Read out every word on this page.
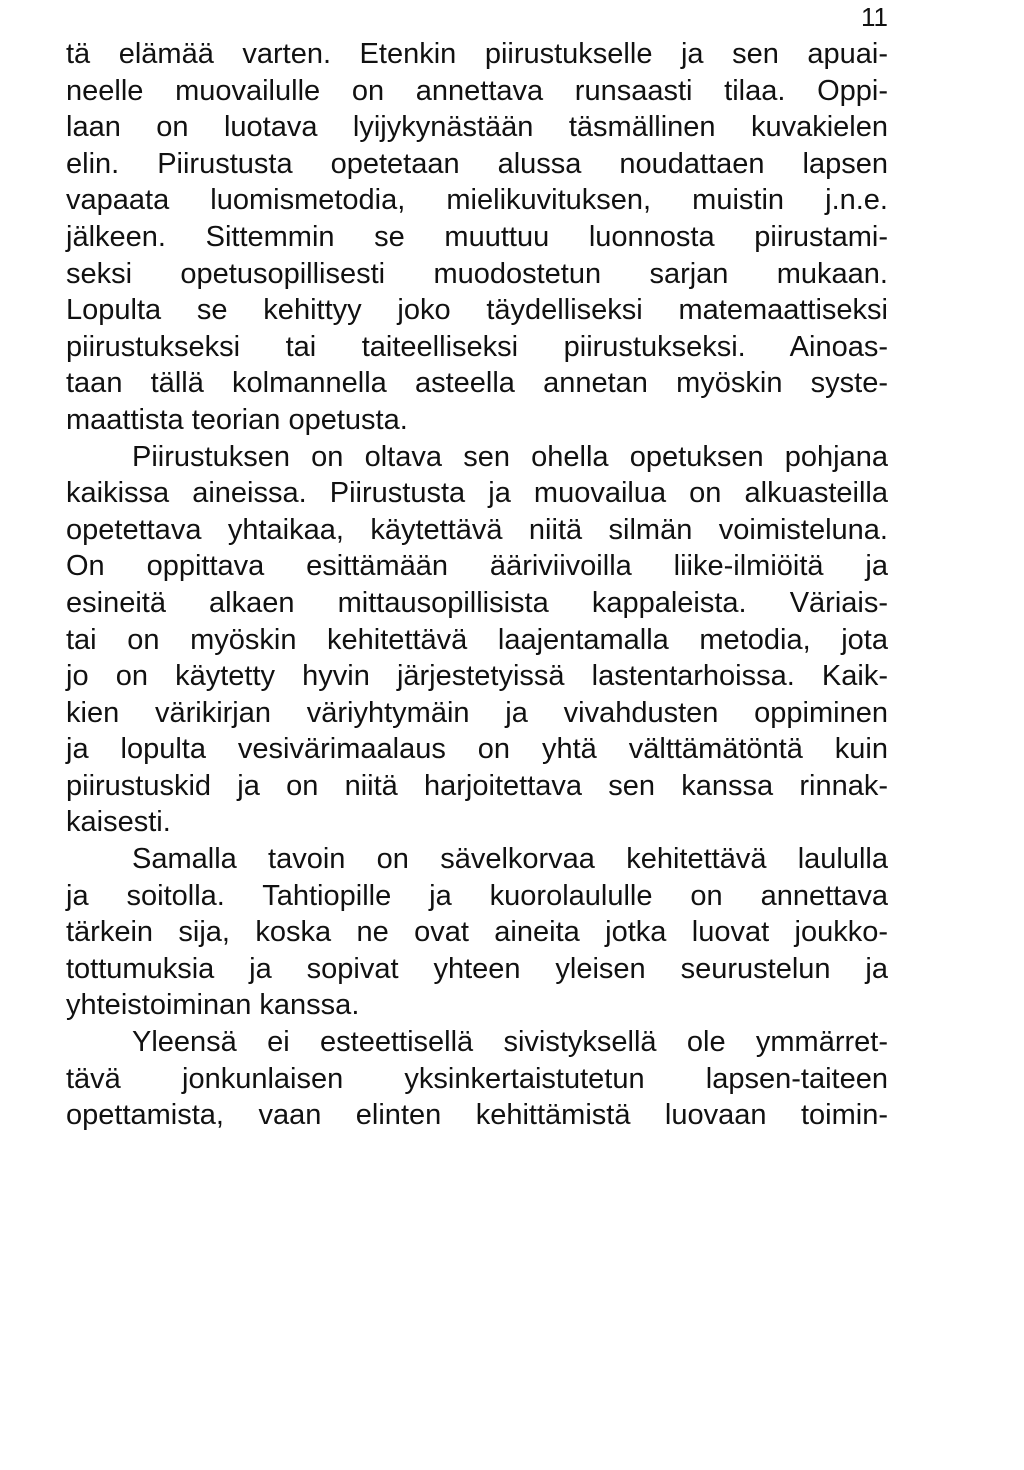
11
tä elämää varten. Etenkin piirustukselle ja sen apuai-
neelle muovailulle on annettava runsaasti tilaa. Oppi-
laan on luotava lyijykynästään täsmällinen kuvakielen
elin. Piirustusta opetetaan alussa noudattaen lapsen
vapaata luomismetodia, mielikuvituksen, muistin j.n.e.
jälkeen. Sittemmin se muuttuu luonnosta piirustami-
seksi opetusopillisesti muodostetun sarjan mukaan.
Lopulta se kehittyy joko täydelliseksi matemaattiseksi
piirustukseksi tai taiteelliseksi piirustukseksi. Ainoas-
taan tällä kolmannella asteella annetan myöskin syste-
maattista teorian opetusta.
Piirustuksen on oltava sen ohella opetuksen pohjana
kaikissa aineissa. Piirustusta ja muovailua on alkuasteilla
opetettava yhtaikaa, käytettävä niitä silmän voimisteluna.
On oppittava esittämään ääriviivoilla liike-ilmiöitä ja
esineitä alkaen mittausopillisista kappaleista. Väriais-
tai on myöskin kehitettävä laajentamalla metodia, jota
jo on käytetty hyvin järjestetyissä lastentarhoissa. Kaik-
kien värikirjan väriyhtymäin ja vivahdusten oppiminen
ja lopulta vesivärimaalaus on yhtä välttämätöntä kuin
piirustuskid ja on niitä harjoitettava sen kanssa rinnak-
kaisesti.
Samalla tavoin on sävelkorvaa kehitettävä laululla
ja soitolla. Tahtiopille ja kuorolaululle on annettava
tärkein sija, koska ne ovat aineita jotka luovat joukko-
tottumuksia ja sopivat yhteen yleisen seurustelun ja
yhteistoiminan kanssa.
Yleensä ei esteettisellä sivistyksellä ole ymmärret-
tävä jonkunlaisen yksinkertaistutetun lapsen-taiteen
opettamista, vaan elinten kehittämistä luovaan toimin-
